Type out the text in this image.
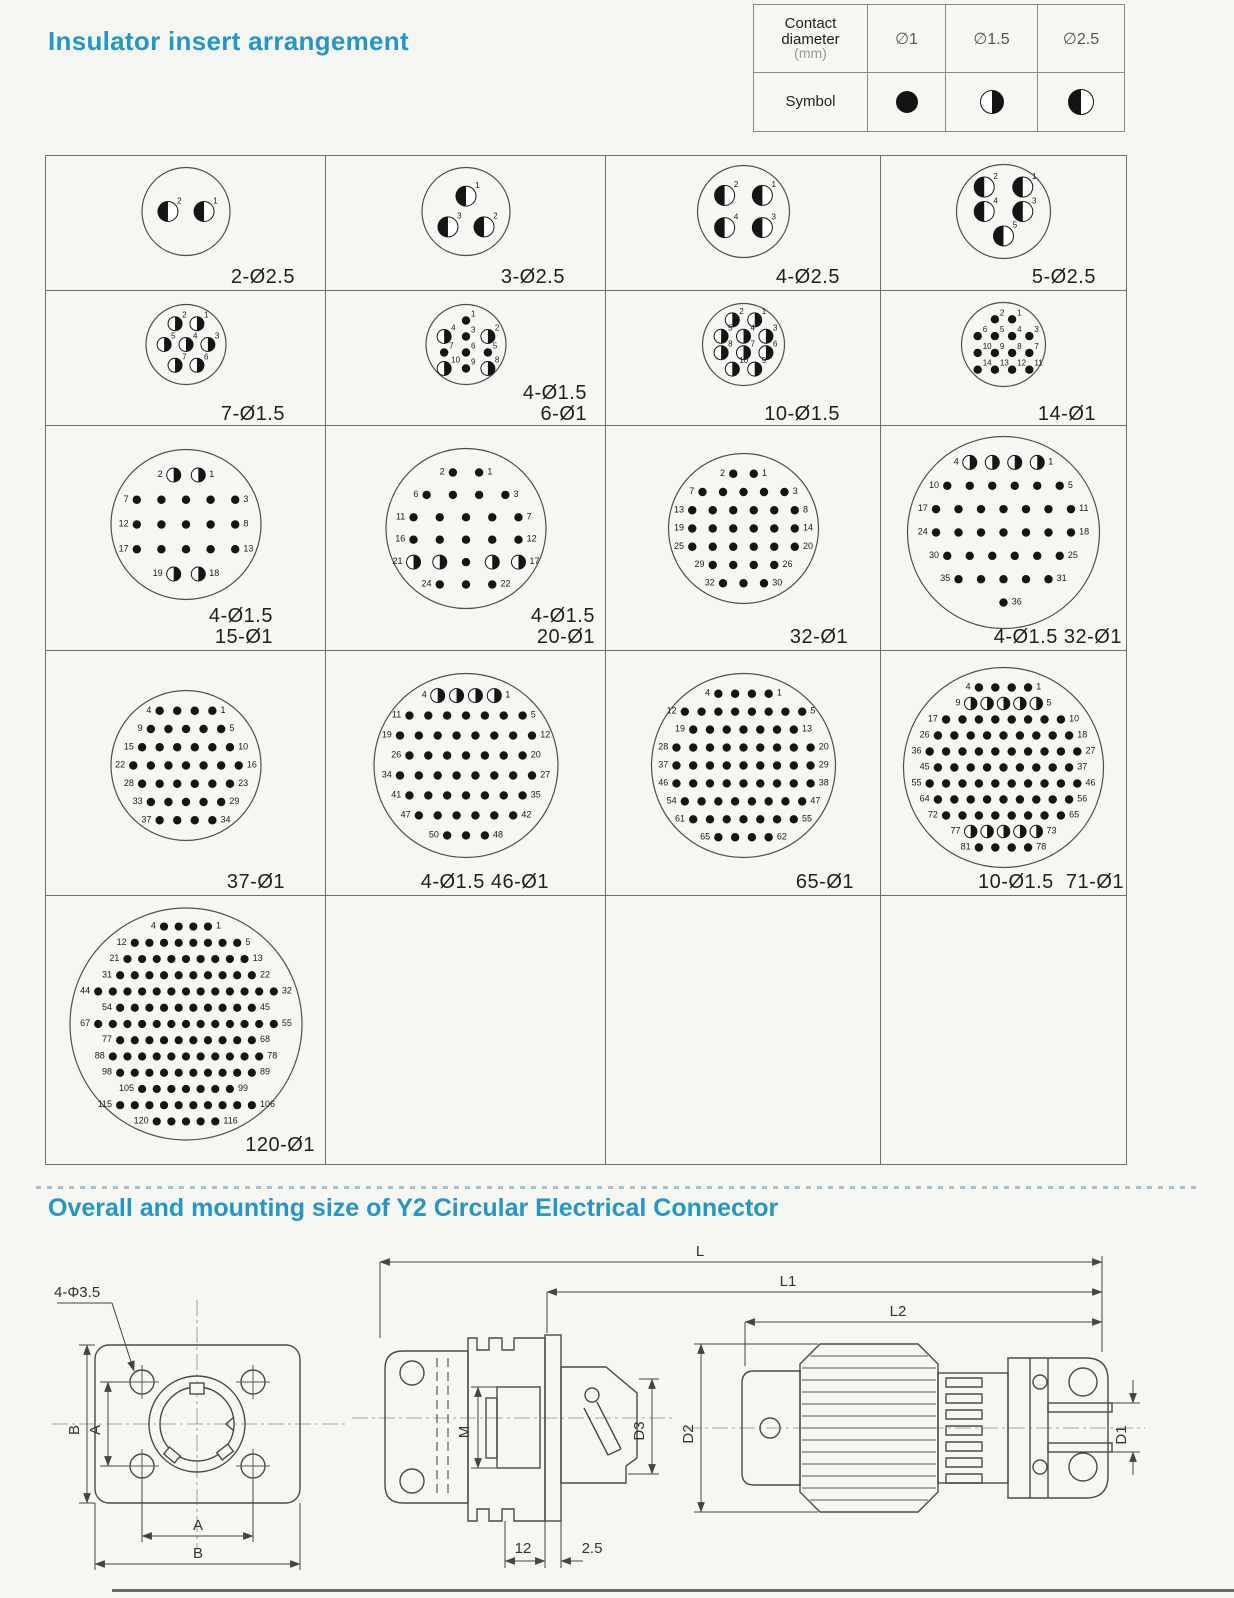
Insulator insert arrangement
Contact
diameter
(mm)
∅1	∅1.5	∅2.5
Symbol
2	1
2-Ø2.5
1
3	2
3-Ø2.5
2	1
4	3
4-Ø2.5
2	1
4	3
5
5-Ø2.5
2 1
5 4 3
7 6
7-Ø1.5
1
4 3 2
7 6 5
10 9 8
4-Ø1.5
6-Ø1
2 1
5 4 3
8 7 6
10 9
10-Ø1.5
2 1
6 5 4 3
10 9 8 7
14 13 12 11
14-Ø1
2	1
7	3
12	8
17	13
19	18
4-Ø1.5
15-Ø1
2	1
6	3
11	7
16	12
21	17
24	22
4-Ø1.5
20-Ø1
2	1
7	3
13	8
19	14
25	20
29	26
32	30
32-Ø1
4	1
10	5
17	11
24	18
30	25
35	31
36
4-Ø1.5 32-Ø1
4	1
9	5
15	10
22	16
28	23
33	29
37	34
37-Ø1
4	1
11	5
19	12
26	20
34	27
41	35
47	42
50	48
4-Ø1.5 46-Ø1
4	1
12	5
19	13
28	20
37	29
46	38
54	47
61	55
65	62
65-Ø1
4	1
9	5
17	10
26	18
36	27
45	37
55	46
64	56
72	65
77	73
81	78
10-Ø1.5  71-Ø1
4	1
12	5
21	13
31	22
44	32
54	45
67	55
77	68
88	78
98	89
105	99
115	106
120	116
120-Ø1
Overall and mounting size of Y2 Circular Electrical Connector
B A
A
B
4-Φ3.5
M	D3
12	2.5
L
L1
L2
D2	D1
